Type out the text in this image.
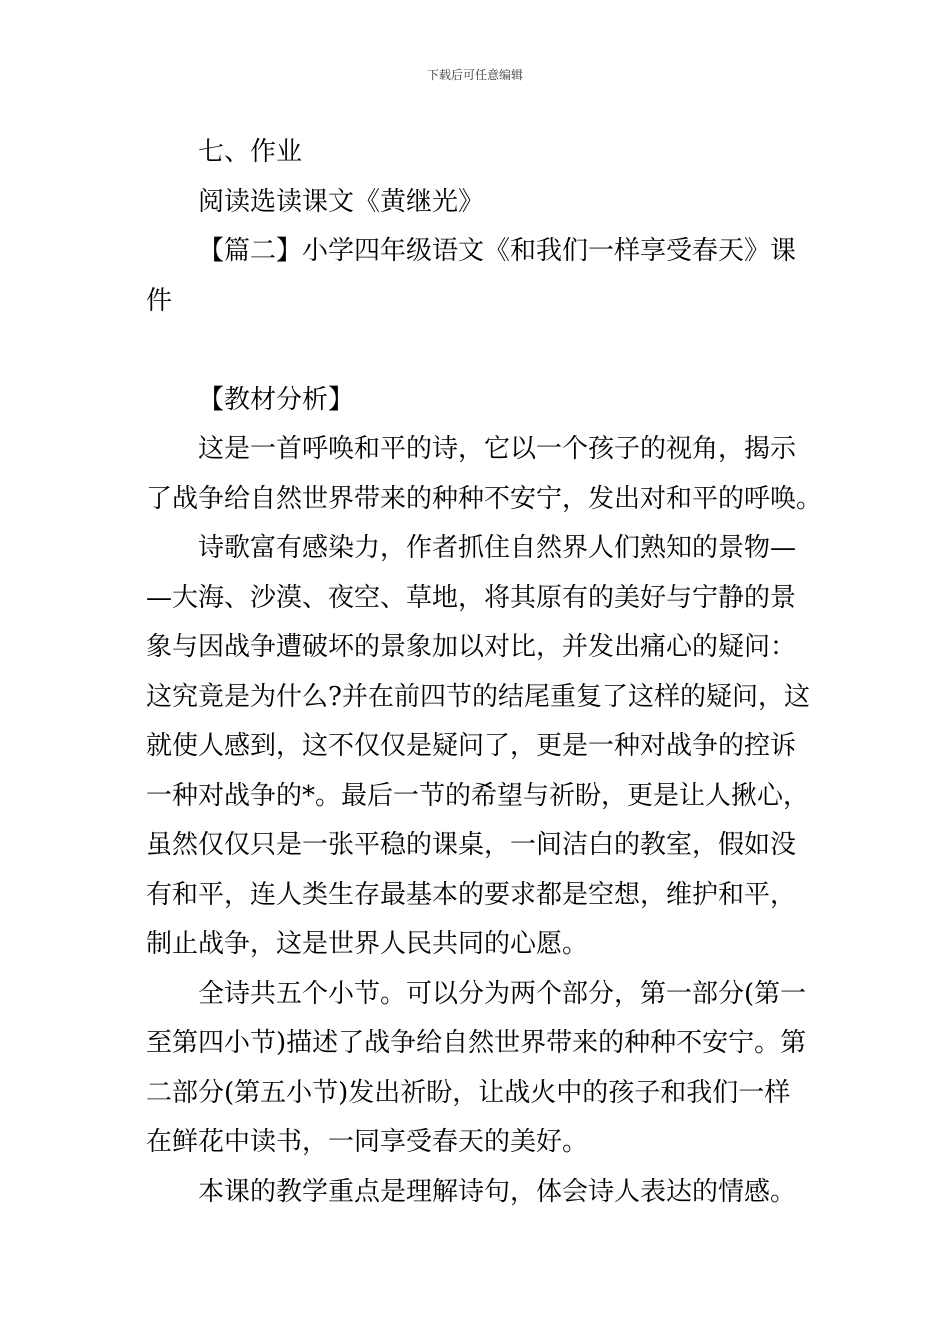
下载后可任意编辑
七、作业
阅读选读课文《黄继光》
【篇二】小学四年级语文《和我们一样享受春天》课
件
【教材分析】
这是一首呼唤和平的诗，它以一个孩子的视角，揭示
了战争给自然世界带来的种种不安宁，发出对和平的呼唤。
诗歌富有感染力，作者抓住自然界人们熟知的景物—
—大海、沙漠、夜空、草地，将其原有的美好与宁静的景
象与因战争遭破坏的景象加以对比，并发出痛心的疑问：
这究竟是为什么?并在前四节的结尾重复了这样的疑问，这
就使人感到，这不仅仅是疑问了，更是一种对战争的控诉
一种对战争的*。最后一节的希望与祈盼，更是让人揪心，
虽然仅仅只是一张平稳的课桌，一间洁白的教室，假如没
有和平，连人类生存最基本的要求都是空想，维护和平，
制止战争，这是世界人民共同的心愿。
全诗共五个小节。可以分为两个部分，第一部分(第一
至第四小节)描述了战争给自然世界带来的种种不安宁。第
二部分(第五小节)发出祈盼，让战火中的孩子和我们一样
在鲜花中读书，一同享受春天的美好。
本课的教学重点是理解诗句，体会诗人表达的情感。
